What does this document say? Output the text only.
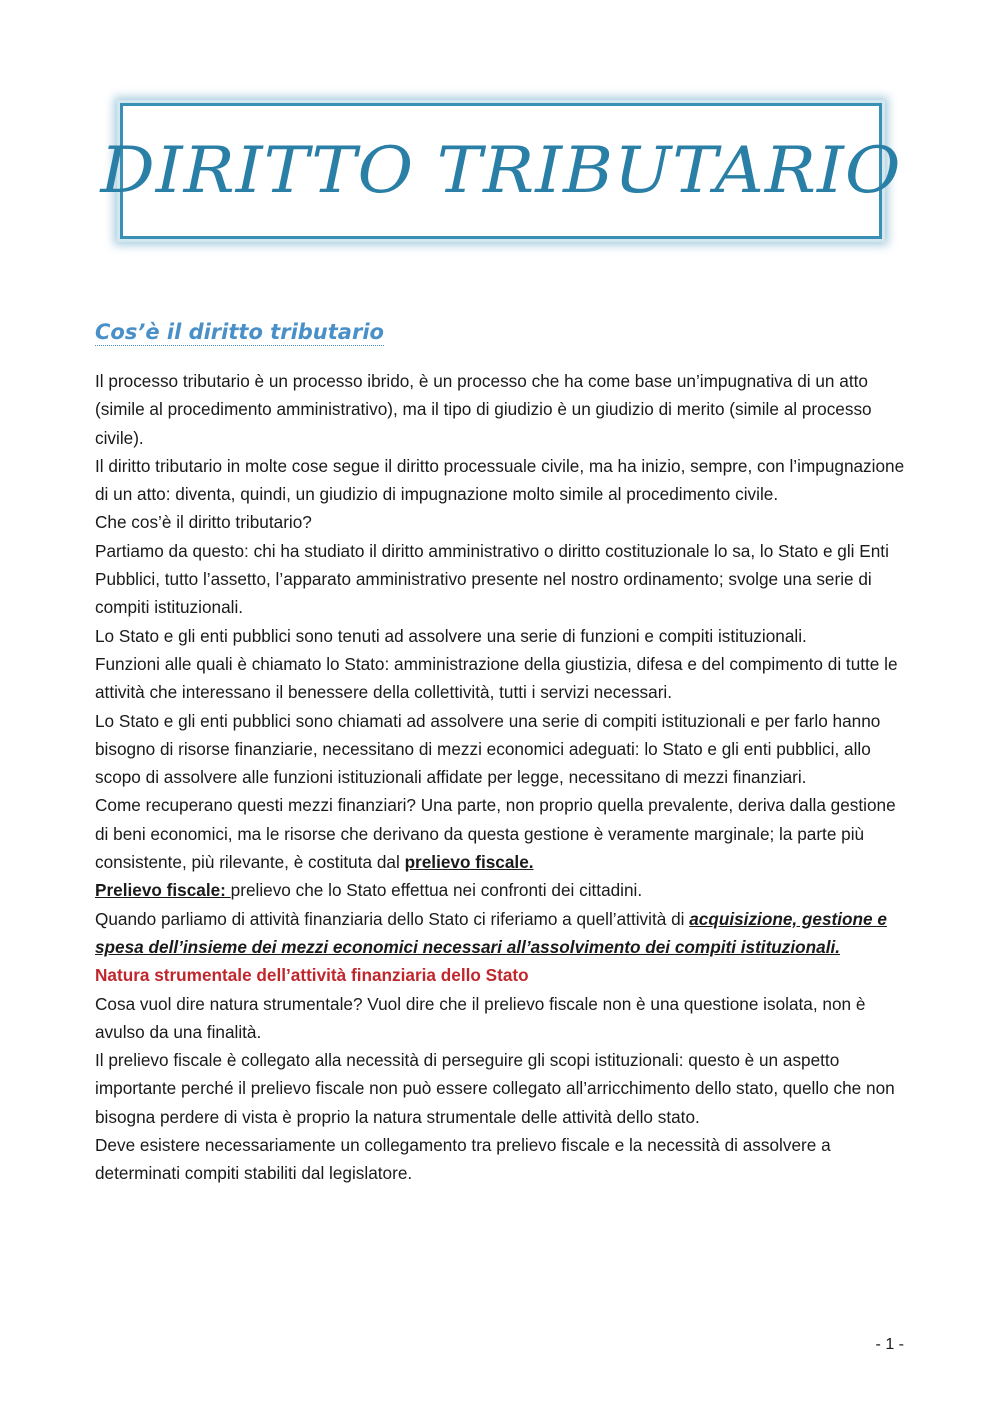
DIRITTO TRIBUTARIO
Cos’è il diritto tributario

Il processo tributario è un processo ibrido, è un processo che ha come base un’impugnativa di un atto (simile al procedimento amministrativo), ma il tipo di giudizio è un giudizio di merito (simile al processo civile).

Il diritto tributario in molte cose segue il diritto processuale civile, ma ha inizio, sempre, con l’impugnazione di un atto: diventa, quindi, un giudizio di impugnazione molto simile al procedimento civile.

Che cos’è il diritto tributario?

Partiamo da questo: chi ha studiato il diritto amministrativo o diritto costituzionale lo sa, lo Stato e gli Enti Pubblici, tutto l’assetto, l’apparato amministrativo presente nel nostro ordinamento; svolge una serie di compiti istituzionali.

Lo Stato e gli enti pubblici sono tenuti ad assolvere una serie di funzioni e compiti istituzionali.

Funzioni alle quali è chiamato lo Stato: amministrazione della giustizia, difesa e del compimento di tutte le attività che interessano il benessere della collettività, tutti i servizi necessari.

Lo Stato e gli enti pubblici sono chiamati ad assolvere una serie di compiti istituzionali e per farlo hanno bisogno di risorse finanziarie, necessitano di mezzi economici adeguati: lo Stato e gli enti pubblici, allo scopo di assolvere alle funzioni istituzionali affidate per legge, necessitano di mezzi finanziari.

Come recuperano questi mezzi finanziari? Una parte, non proprio quella prevalente, deriva dalla gestione di beni economici, ma le risorse che derivano da questa gestione è veramente marginale; la parte più consistente, più rilevante, è costituta dal prelievo fiscale.

Prelievo fiscale: prelievo che lo Stato effettua nei confronti dei cittadini.

Quando parliamo di attività finanziaria dello Stato ci riferiamo a quell’attività di acquisizione, gestione e spesa dell’insieme dei mezzi economici necessari all’assolvimento dei compiti istituzionali.

Natura strumentale dell’attività finanziaria dello Stato

Cosa vuol dire natura strumentale? Vuol dire che il prelievo fiscale non è una questione isolata, non è avulso da una finalità.

Il prelievo fiscale è collegato alla necessità di perseguire gli scopi istituzionali: questo è un aspetto importante perché il prelievo fiscale non può essere collegato all’arricchimento dello stato, quello che non bisogna perdere di vista è proprio la natura strumentale delle attività dello stato.

Deve esistere necessariamente un collegamento tra prelievo fiscale e la necessità di assolvere a determinati compiti stabiliti dal legislatore.

- 1 -
